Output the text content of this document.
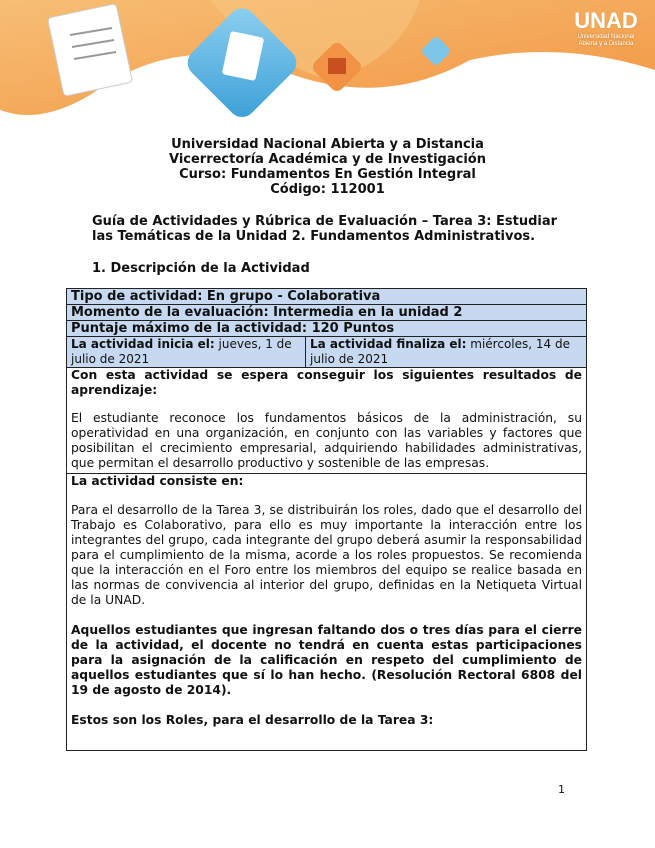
UNAD
Universidad Nacional Abierta y a Distancia
Universidad Nacional Abierta y a Distancia
Vicerrectoría Académica y de Investigación
Curso: Fundamentos En Gestión Integral
Código: 112001
Guía de Actividades y Rúbrica de Evaluación – Tarea 3: Estudiar las Temáticas de la Unidad 2. Fundamentos Administrativos.
1. Descripción de la Actividad
Tipo de actividad: En grupo - Colaborativa
Momento de la evaluación: Intermedia en la unidad 2
Puntaje máximo de la actividad: 120 Puntos
La actividad inicia el: jueves, 1 de julio de 2021	La actividad finaliza el: miércoles, 14 de julio de 2021

Con esta actividad se espera conseguir los siguientes resultados de aprendizaje:
El estudiante reconoce los fundamentos básicos de la administración, su operatividad en una organización, en conjunto con las variables y factores que posibilitan el crecimiento empresarial, adquiriendo habilidades administrativas, que permitan el desarrollo productivo y sostenible de las empresas.

La actividad consiste en:
Para el desarrollo de la Tarea 3, se distribuirán los roles, dado que el desarrollo del Trabajo es Colaborativo, para ello es muy importante la interacción entre los integrantes del grupo, cada integrante del grupo deberá asumir la responsabilidad para el cumplimiento de la misma, acorde a los roles propuestos. Se recomienda que la interacción en el Foro entre los miembros del equipo se realice basada en las normas de convivencia al interior del grupo, definidas en la Netiqueta Virtual de la UNAD.
Aquellos estudiantes que ingresan faltando dos o tres días para el cierre de la actividad, el docente no tendrá en cuenta estas participaciones para la asignación de la calificación en respeto del cumplimiento de aquellos estudiantes que sí lo han hecho. (Resolución Rectoral 6808 del 19 de agosto de 2014).
Estos son los Roles, para el desarrollo de la Tarea 3:
1
